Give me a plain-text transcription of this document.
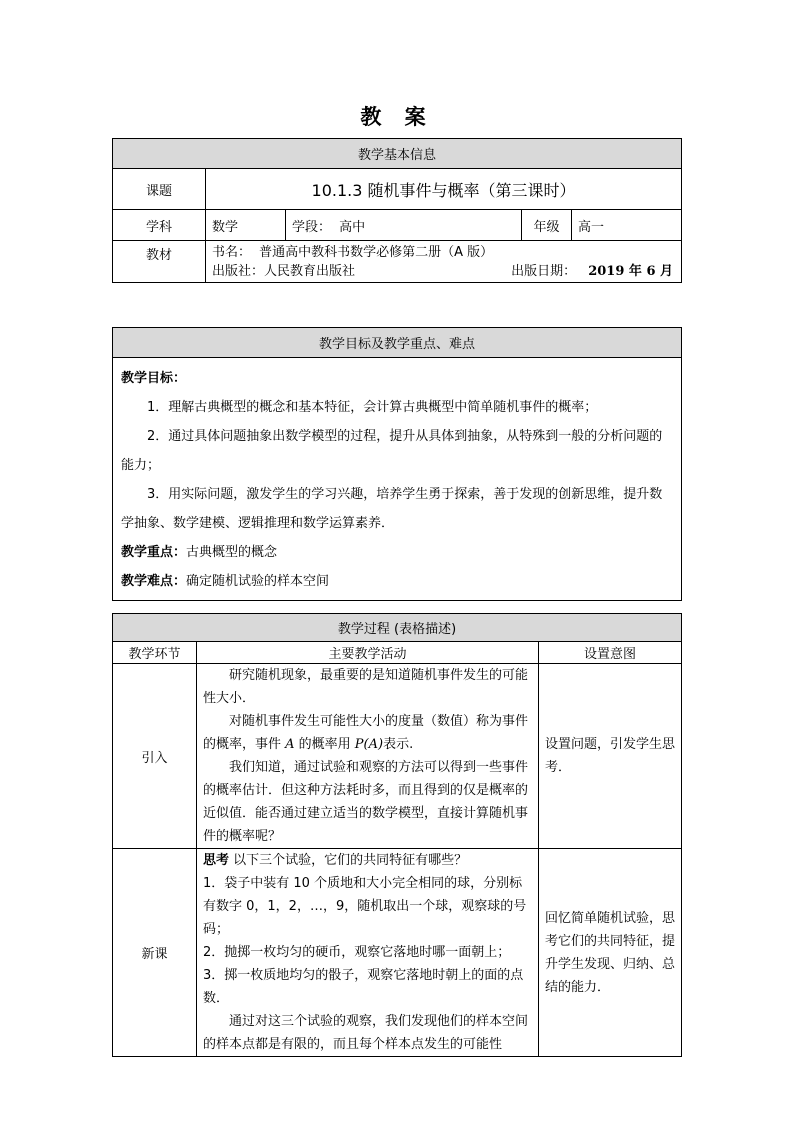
教 案
教学基本信息				
课题	10.1.3 随机事件与概率（第三课时）			
学科	数学	学段： 高中	年级	高一
教材	书名： 普通高中教科书数学必修第二册（A 版）
出版社：人民教育出版社 出版日期： 2019 年 6 月			
教学目标及教学重点、难点

教学目标：
1．理解古典概型的概念和基本特征，会计算古典概型中简单随机事件的概率；
2．通过具体问题抽象出数学模型的过程，提升从具体到抽象，从特殊到一般的分析问题的能力；
3．用实际问题，激发学生的学习兴趣，培养学生勇于探索，善于发现的创新思维，提升数学抽象、数学建模、逻辑推理和数学运算素养．
教学重点：古典概型的概念
教学难点：确定随机试验的样本空间
教学过程 (表格描述)		
教学环节	主要教学活动	设置意图
引入	研究随机现象，最重要的是知道随机事件发生的可能性大小．
对随机事件发生可能性大小的度量（数值）称为事件的概率，事件 A 的概率用 P(A)表示.
我们知道，通过试验和观察的方法可以得到一些事件的概率估计．但这种方法耗时多，而且得到的仅是概率的近似值．能否通过建立适当的数学模型，直接计算随机事件的概率呢？	设置问题，引发学生思考．
新课	思考 以下三个试验，它们的共同特征有哪些？
1．袋子中装有 10 个质地和大小完全相同的球，分别标有数字 0，1，2，…，9，随机取出一个球，观察球的号码；
2．抛掷一枚均匀的硬币，观察它落地时哪一面朝上；
3．掷一枚质地均匀的骰子，观察它落地时朝上的面的点数．
通过对这三个试验的观察，我们发现他们的样本空间的样本点都是有限的，而且每个样本点发生的可能性	回忆简单随机试验，思考它们的共同特征，提升学生发现、归纳、总结的能力．
